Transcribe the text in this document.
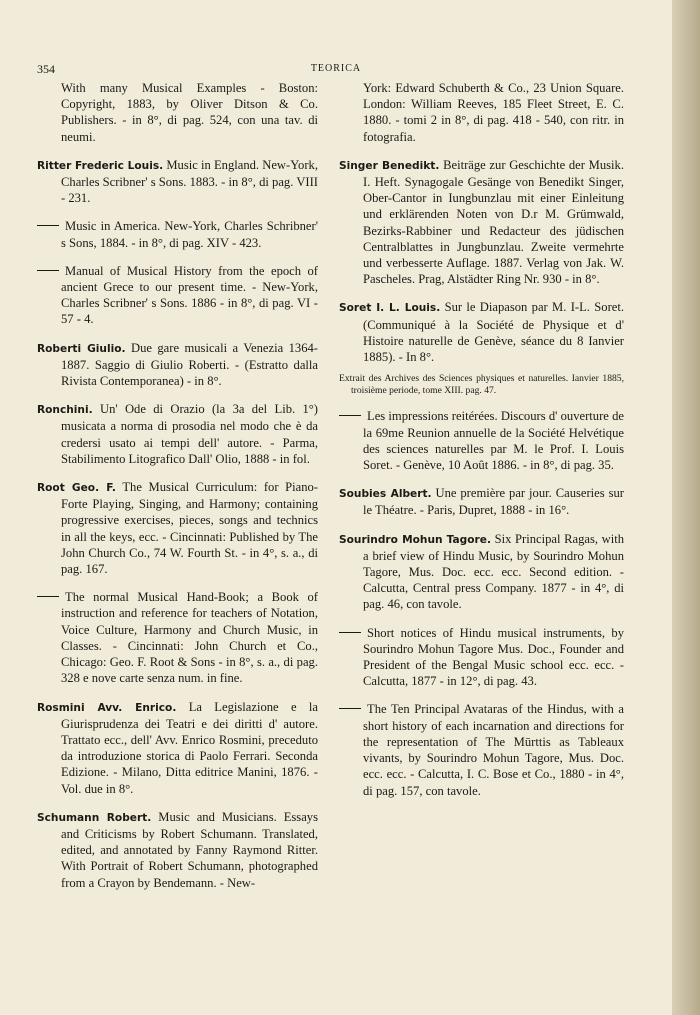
354	TEORICA
With many Musical Examples - Boston: Copyright, 1883, by Oliver Ditson & Co. Publishers. - in 8°, di pag. 524, con una tav. di neumi.
Ritter Frederic Louis. Music in England. New-York, Charles Scribner' s Sons. 1883. - in 8°, di pag. VIII - 231.
Music in America. New-York, Charles Schribner' s Sons, 1884. - in 8°, di pag. XIV - 423.
Manual of Musical History from the epoch of ancient Grece to our present time. - New-York, Charles Scribner' s Sons. 1886 - in 8°, di pag. VI - 57 - 4.
Roberti Giulio. Due gare musicali a Venezia 1364-1887. Saggio di Giulio Roberti. - (Estratto dalla Rivista Contemporanea) - in 8°.
Ronchini. Un' Ode di Orazio (la 3a del Lib. 1°) musicata a norma di prosodia nel modo che è da credersi usato ai tempi dell' autore. - Parma, Stabilimento Litografico Dall' Olio, 1888 - in fol.
Root Geo. F. The Musical Curriculum: for Piano-Forte Playing, Singing, and Harmony; containing progressive exercises, pieces, songs and technics in all the keys, ecc. - Cincinnati: Published by The John Church Co., 74 W. Fourth St. - in 4°, s. a., di pag. 167.
The normal Musical Hand-Book; a Book of instruction and reference for teachers of Notation, Voice Culture, Harmony and Church Music, in Classes. - Cincinnati: John Church et Co., Chicago: Geo. F. Root & Sons - in 8°, s. a., di pag. 328 e nove carte senza num. in fine.
Rosmini Avv. Enrico. La Legislazione e la Giurisprudenza dei Teatri e dei diritti d' autore. Trattato ecc., dell' Avv. Enrico Rosmini, preceduto da introduzione storica di Paolo Ferrari. Seconda Edizione. - Milano, Ditta editrice Manini, 1876. - Vol. due in 8°.
Schumann Robert. Music and Musicians. Essays and Criticisms by Robert Schumann. Translated, edited, and annotated by Fanny Raymond Ritter. With Portrait of Robert Schumann, photographed from a Crayon by Bendemann. - New-
York: Edward Schuberth & Co., 23 Union Square. London: William Reeves, 185 Fleet Street, E. C. 1880. - tomi 2 in 8°, di pag. 418 - 540, con ritr. in fotografia.
Singer Benedikt. Beiträge zur Geschichte der Musik. I. Heft. Synagogale Gesänge von Benedikt Singer, Ober-Cantor in Iungbunzlau mit einer Einleitung und erklärenden Noten von D.r M. Grümwald, Bezirks-Rabbiner und Redacteur des jüdischen Centralblattes in Jungbunzlau. Zweite vermehrte und verbesserte Auflage. 1887. Verlag von Jak. W. Pascheles. Prag, Alstädter Ring Nr. 930 - in 8°.
Soret I. L. Louis. Sur le Diapason par M. I-L. Soret. (Communiqué à la Société de Physique et d' Histoire naturelle de Genève, séance du 8 Ianvier 1885). - In 8°.
Extrait des Archives des Sciences physiques et naturelles. Ianvier 1885, troisième periode, tome XIII. pag. 47.
Les impressions reitérées. Discours d' ouverture de la 69me Reunion annuelle de la Société Helvétique des sciences naturelles par M. le Prof. I. Louis Soret. - Genève, 10 Août 1886. - in 8°, di pag. 35.
Soubies Albert. Une première par jour. Causeries sur le Théatre. - Paris, Dupret, 1888 - in 16°.
Sourindro Mohun Tagore. Six Principal Ragas, with a brief view of Hindu Music, by Sourindro Mohun Tagore, Mus. Doc. ecc. ecc. Second edition. - Calcutta, Central press Company. 1877 - in 4°, di pag. 46, con tavole.
Short notices of Hindu musical instruments, by Sourindro Mohun Tagore Mus. Doc., Founder and President of the Bengal Music school ecc. ecc. - Calcutta, 1877 - in 12°, di pag. 43.
The Ten Principal Avataras of the Hindus, with a short history of each incarnation and directions for the representation of The Mūrttis as Tableaux vivants, by Sourindro Mohun Tagore, Mus. Doc. ecc. ecc. - Calcutta, I. C. Bose et Co., 1880 - in 4°, di pag. 157, con tavole.
